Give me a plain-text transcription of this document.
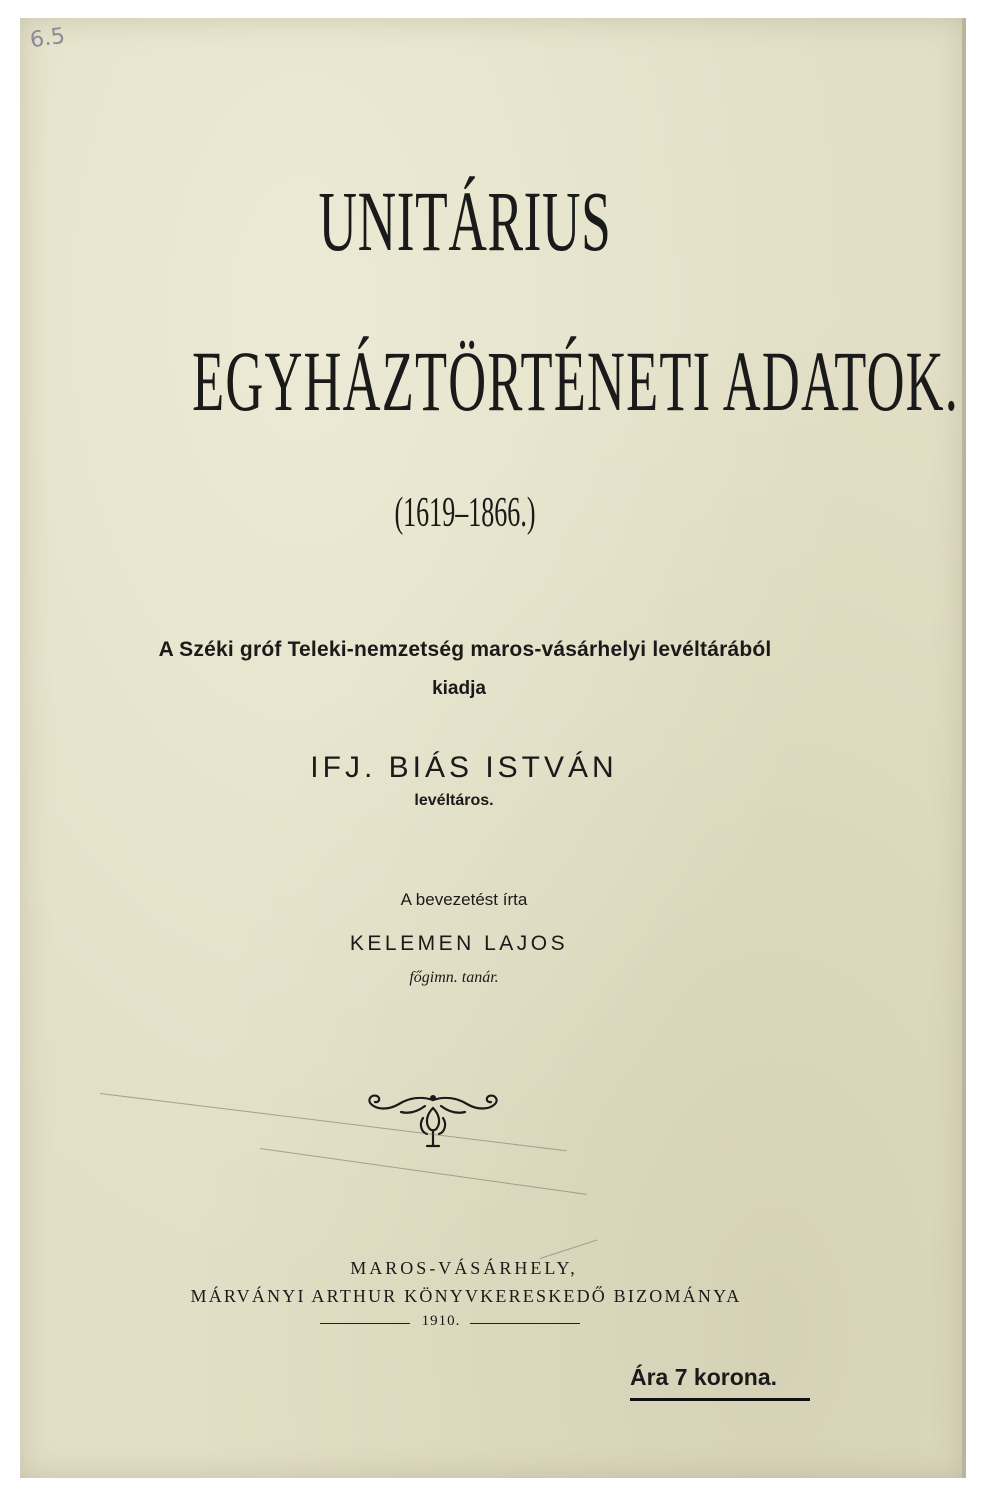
6.5
UNITÁRIUS
EGYHÁZTÖRTÉNETI ADATOK.
(1619–1866.)
A Széki gróf Teleki-nemzetség maros-vásárhelyi levéltárából
kiadja
IFJ. BIÁS ISTVÁN
levéltáros.
A bevezetést írta
KELEMEN LAJOS
főgimn. tanár.
MAROS-VÁSÁRHELY,
MÁRVÁNYI ARTHUR KÖNYVKERESKEDŐ BIZOMÁNYA
1910.
Ára 7 korona.
